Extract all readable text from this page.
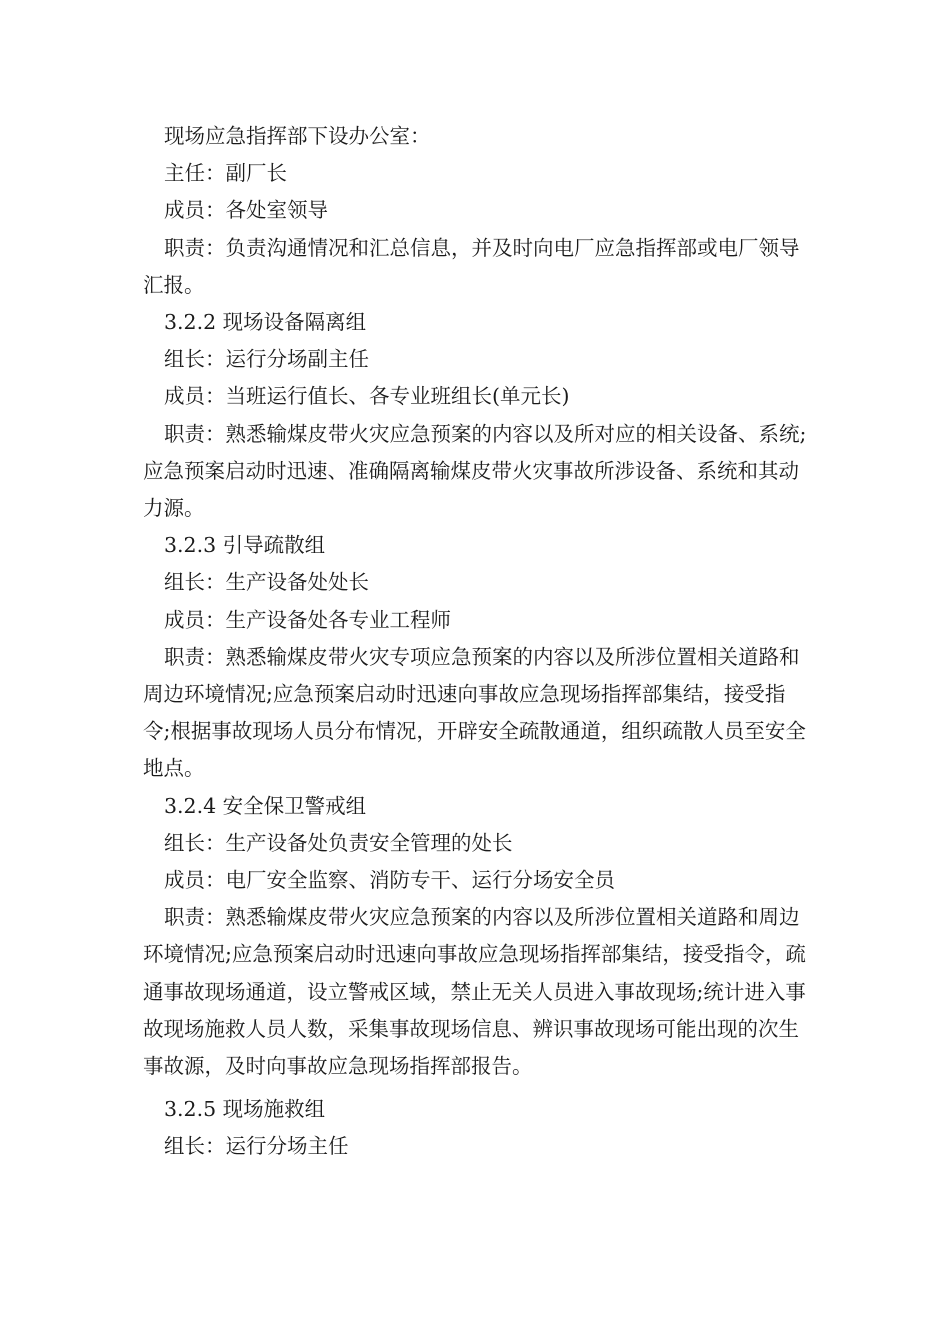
现场应急指挥部下设办公室：

主任：副厂长

成员：各处室领导

职责：负责沟通情况和汇总信息，并及时向电厂应急指挥部或电厂领导汇报。

3.2.2 现场设备隔离组

组长：运行分场副主任

成员：当班运行值长、各专业班组长(单元长)

职责：熟悉输煤皮带火灾应急预案的内容以及所对应的相关设备、系统;应急预案启动时迅速、准确隔离输煤皮带火灾事故所涉设备、系统和其动力源。

3.2.3 引导疏散组

组长：生产设备处处长

成员：生产设备处各专业工程师

职责：熟悉输煤皮带火灾专项应急预案的内容以及所涉位置相关道路和周边环境情况;应急预案启动时迅速向事故应急现场指挥部集结，接受指令;根据事故现场人员分布情况，开辟安全疏散通道，组织疏散人员至安全地点。

3.2.4 安全保卫警戒组

组长：生产设备处负责安全管理的处长

成员：电厂安全监察、消防专干、运行分场安全员

职责：熟悉输煤皮带火灾应急预案的内容以及所涉位置相关道路和周边环境情况;应急预案启动时迅速向事故应急现场指挥部集结，接受指令，疏通事故现场通道，设立警戒区域，禁止无关人员进入事故现场;统计进入事故现场施救人员人数，采集事故现场信息、辨识事故现场可能出现的次生事故源，及时向事故应急现场指挥部报告。

3.2.5 现场施救组

组长：运行分场主任
